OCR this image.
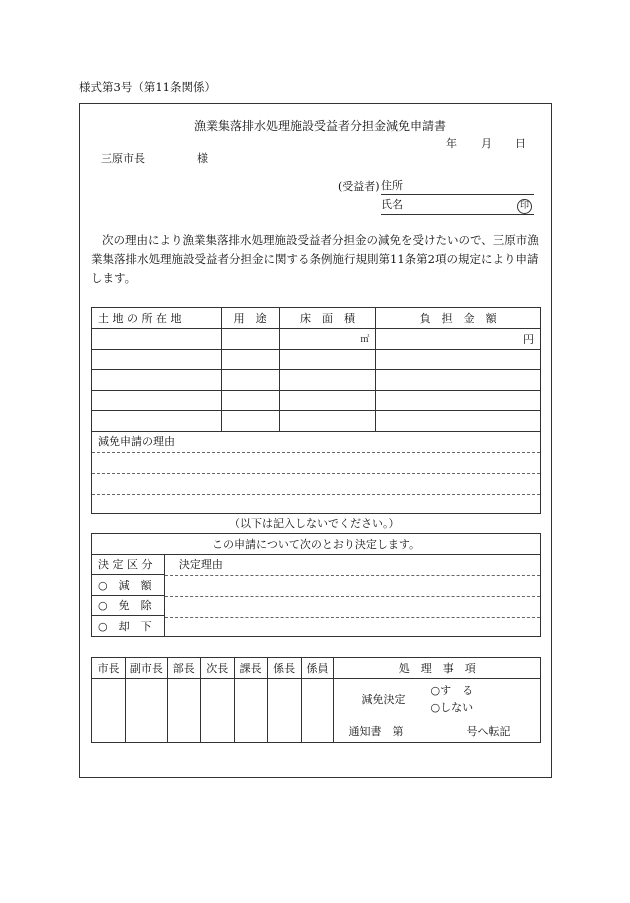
様式第3号（第11条関係）
漁業集落排水処理施設受益者分担金減免申請書
年 月 日
三原市長	様
(受益者) 住所
氏名	印
次の理由により漁業集落排水処理施設受益者分担金の減免を受けたいので、三原市漁業集落排水処理施設受益者分担金に関する条例施行規則第11条第2項の規定により申請します。
土 地 の 所 在 地	用　途	床　面　積	負　担　金　額
		㎡	円

減免申請の理由			
（以下は記入しないでください。）
この申請について次のとおり決定します。
決 定 区 分	決定理由

○　減　額
○　免　除
○　却　下
市長	副市長	部長	次長	課長	係長	係員	処　理　事　項

							減免決定
○す　る
○しない
通知書　第 号へ転記
